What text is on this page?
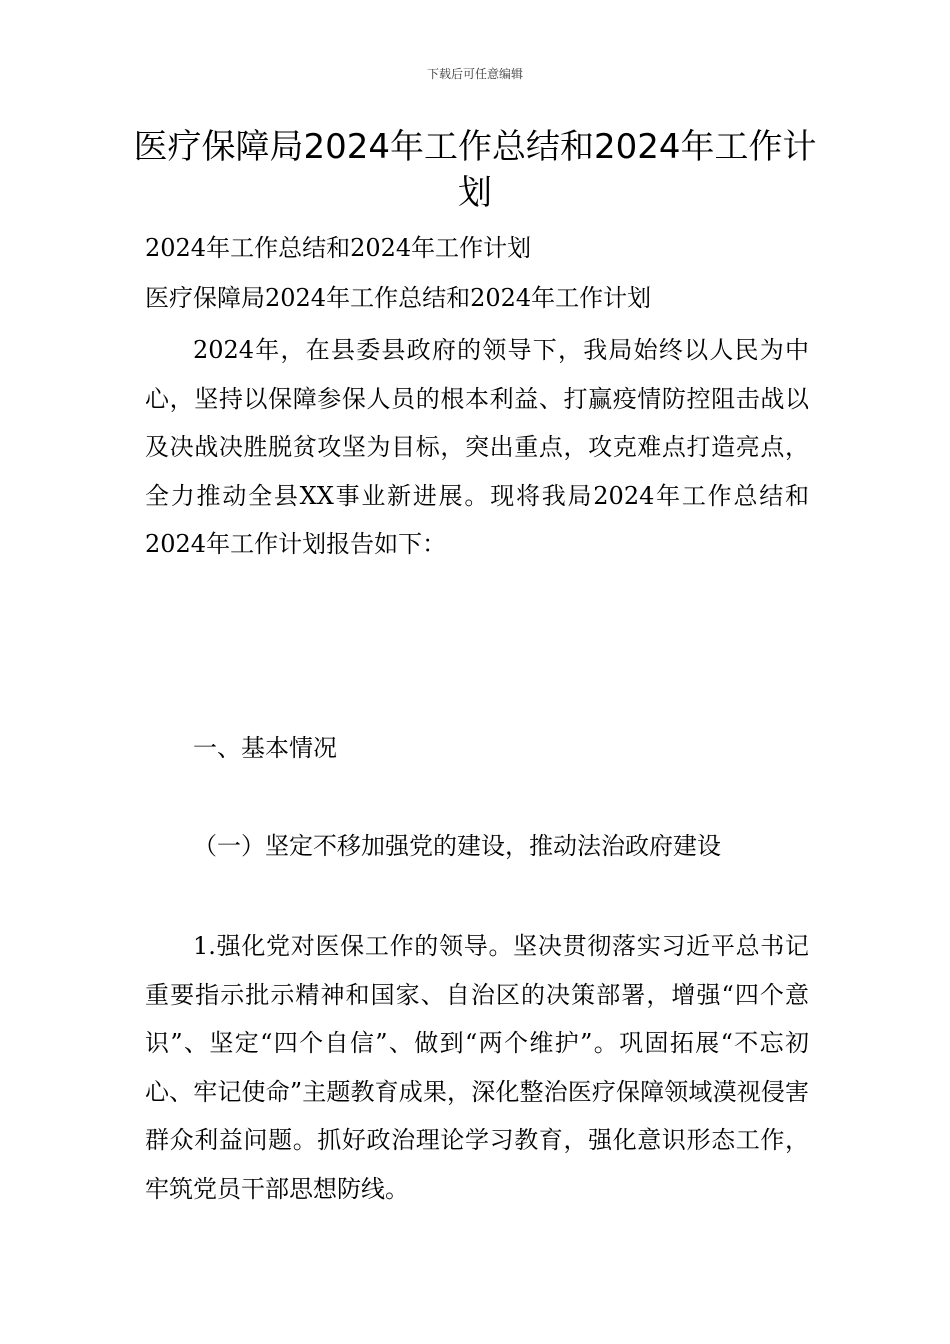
下载后可任意编辑
医疗保障局2024年工作总结和2024年工作计划
2024年工作总结和2024年工作计划
医疗保障局2024年工作总结和2024年工作计划
2024年，在县委县政府的领导下，我局始终以人民为中心，坚持以保障参保人员的根本利益、打赢疫情防控阻击战以及决战决胜脱贫攻坚为目标，突出重点，攻克难点打造亮点，全力推动全县XX事业新进展。现将我局2024年工作总结和2024年工作计划报告如下：
一、基本情况
（一）坚定不移加强党的建设，推动法治政府建设
1.强化党对医保工作的领导。坚决贯彻落实习近平总书记重要指示批示精神和国家、自治区的决策部署，增强“四个意识”、坚定“四个自信”、做到“两个维护”。巩固拓展“不忘初心、牢记使命”主题教育成果，深化整治医疗保障领域漠视侵害群众利益问题。抓好政治理论学习教育，强化意识形态工作，牢筑党员干部思想防线。
